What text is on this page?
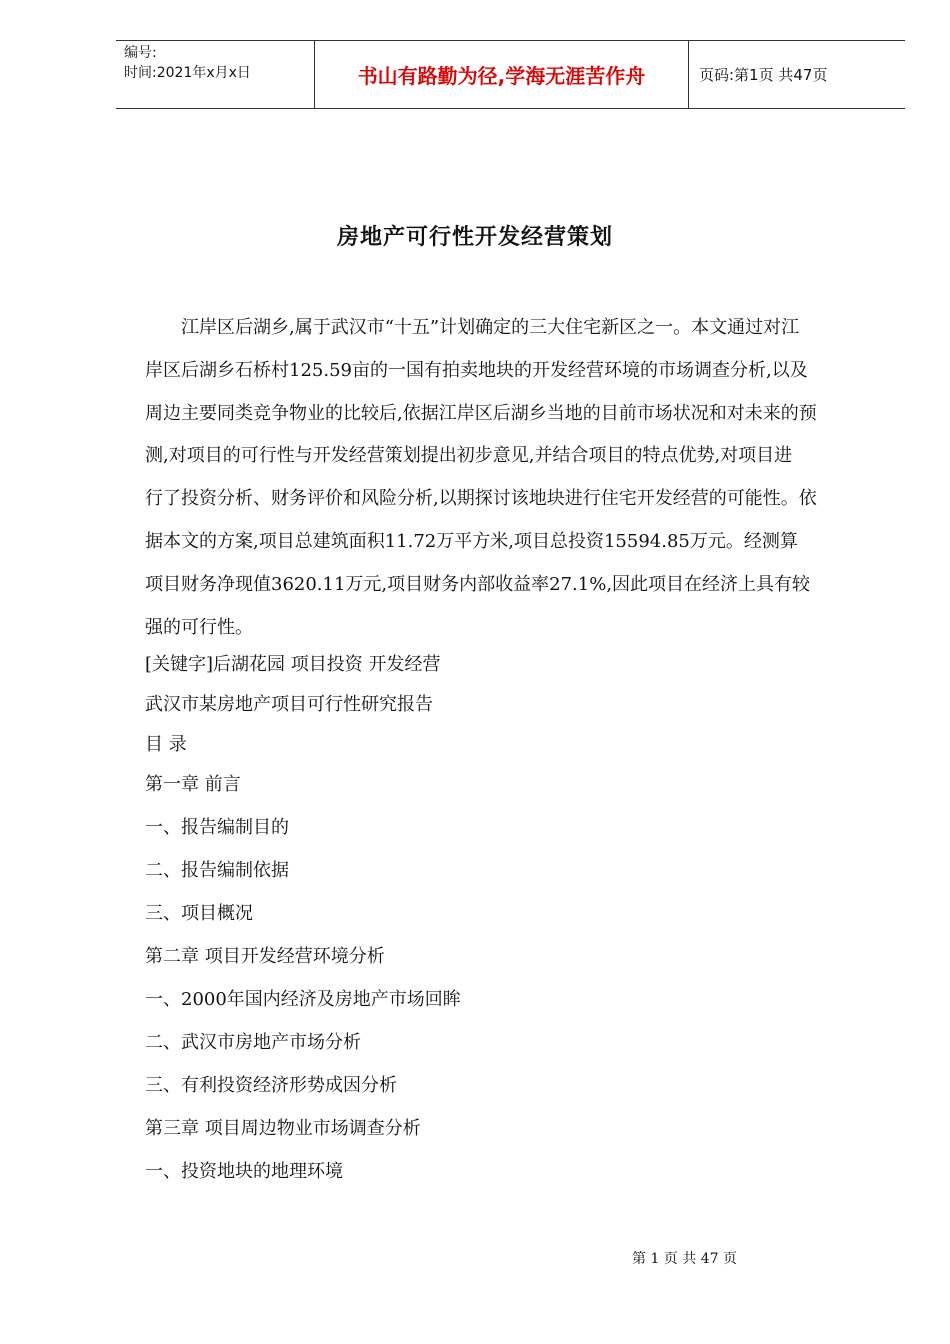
编号:
时间:2021年x月x日	书山有路勤为径,学海无涯苦作舟	页码:第1页 共47页
房地产可行性开发经营策划

江岸区后湖乡,属于武汉市“十五”计划确定的三大住宅新区之一。本文通过对江
岸区后湖乡石桥村125.59亩的一国有拍卖地块的开发经营环境的市场调查分析,以及
周边主要同类竞争物业的比较后,依据江岸区后湖乡当地的目前市场状况和对未来的预
测,对项目的可行性与开发经营策划提出初步意见,并结合项目的特点优势,对项目进
行了投资分析、财务评价和风险分析,以期探讨该地块进行住宅开发经营的可能性。依
据本文的方案,项目总建筑面积11.72万平方米,项目总投资15594.85万元。经测算
项目财务净现值3620.11万元,项目财务内部收益率27.1%,因此项目在经济上具有较
强的可行性。

[关键字]后湖花园 项目投资 开发经营
武汉市某房地产项目可行性研究报告
目 录
第一章 前言
一、报告编制目的
二、报告编制依据
三、项目概况
第二章 项目开发经营环境分析
一、2000年国内经济及房地产市场回眸
二、武汉市房地产市场分析
三、有利投资经济形势成因分析
第三章 项目周边物业市场调查分析
一、投资地块的地理环境
第 1 页 共 47 页
